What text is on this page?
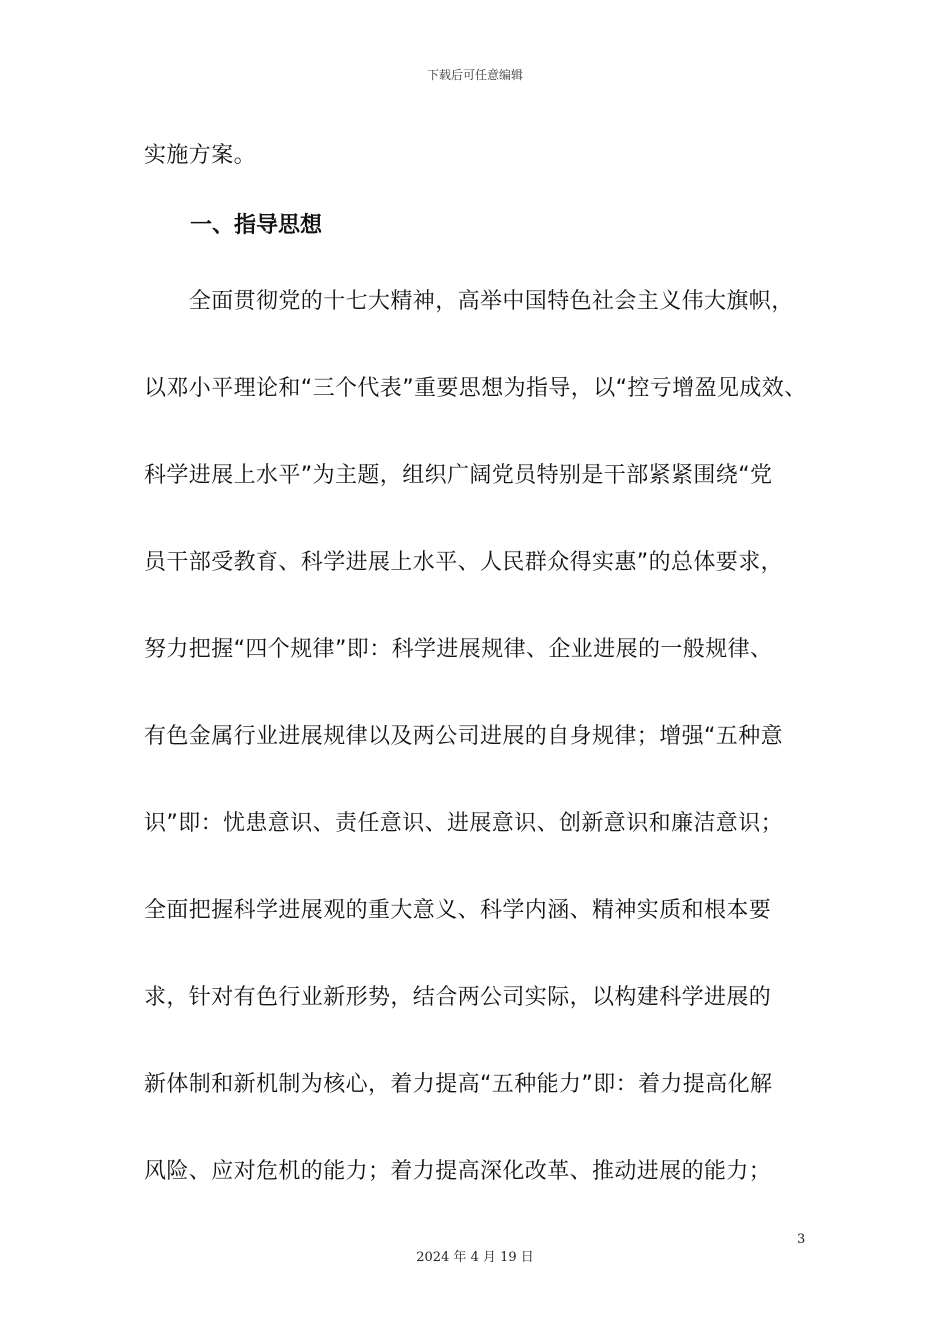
下载后可任意编辑
实施方案。
一、指导思想
　　全面贯彻党的十七大精神，高举中国特色社会主义伟大旗帜，
以邓小平理论和“三个代表”重要思想为指导，以“控亏增盈见成效、
科学进展上水平”为主题，组织广阔党员特别是干部紧紧围绕“党
员干部受教育、科学进展上水平、人民群众得实惠”的总体要求，
努力把握“四个规律”即：科学进展规律、企业进展的一般规律、
有色金属行业进展规律以及两公司进展的自身规律；增强“五种意
识”即：忧患意识、责任意识、进展意识、创新意识和廉洁意识；
全面把握科学进展观的重大意义、科学内涵、精神实质和根本要
求，针对有色行业新形势，结合两公司实际，以构建科学进展的
新体制和新机制为核心，着力提高“五种能力”即：着力提高化解
风险、应对危机的能力；着力提高深化改革、推动进展的能力；
3
2024 年 4 月 19 日
